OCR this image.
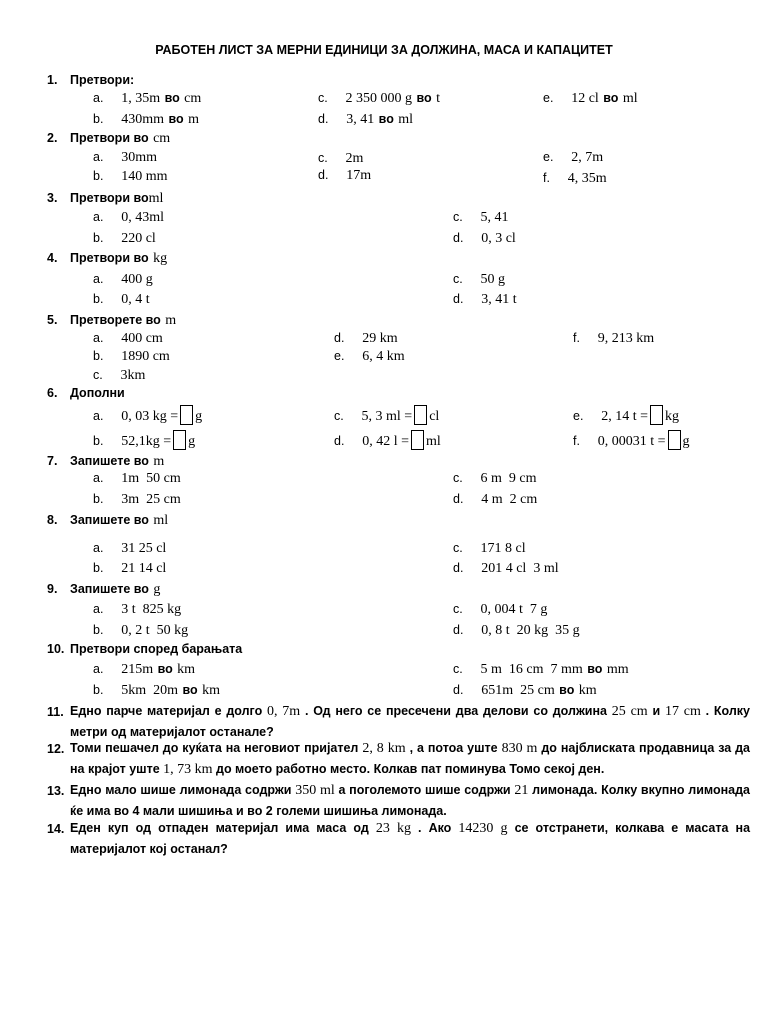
РАБОТЕН ЛИСТ ЗА МЕРНИ ЕДИНИЦИ ЗА ДОЛЖИНА, МАСА И КАПАЦИТЕТ
1. Претвори:
a. 1, 35m во cm
b. 430mm во m
c. 2 350 000 g во t
d. 3, 41 во ml
e. 12 cl во ml
2. Претвори во cm
a. 30mm
b. 140 mm
c. 2m
d. 17m
e. 2, 7m
f. 4, 35m
3. Претвори воml
a. 0, 43ml
b. 220 cl
c. 5, 41
d. 0, 3 cl
4. Претвори во kg
a. 400 g
b. 0, 4 t
c. 50 g
d. 3, 41 t
5. Претворете во m
a. 400 cm
b. 1890 cm
c. 3km
d. 29 km
e. 6, 4 km
f. 9, 213 km
6. Дополни
a. 0, 03 kg = g
b. 52,1kg = g
c. 5, 3 ml = cl
d. 0, 42 l = ml
e. 2, 14 t = kg
f. 0, 00031 t = g
7. Запишете во m
a. 1m  50 cm
b. 3m  25 cm
c. 6 m  9 cm
d. 4 m  2 cm
8. Запишете во ml
a. 31 25 cl
b. 21 14 cl
c. 171 8 cl
d. 201 4 cl  3 ml
9. Запишете во g
a. 3 t  825 kg
b. 0, 2 t  50 kg
c. 0, 004 t  7 g
d. 0, 8 t  20 kg  35 g
10. Претвори според барањата
a. 215m во km
b. 5km  20m во km
c. 5 m  16 cm  7 mm во mm
d. 651m  25 cm во km
11. Едно парче материјал е долго 0, 7m . Од него се пресечени два делови со должина 25 cm и 17 cm . Колку метри од материјалот останале?
12. Томи пешачел до куќата на неговиот пријател 2, 8 km , а потоа уште 830 m до најблиската продавница за да на крајот уште 1, 73 km до моето работно место. Колкав пат поминува Томо секој ден.
13. Едно мало шише лимонада содржи 350 ml а поголемото шише содржи 21 лимонада. Колку вкупно лимонада ќе има во 4 мали шишиња и во 2 големи шишиња лимонада.
14. Еден куп од отпаден материјал има маса од 23 kg . Ако 14230 g се отстранети, колкава е масата на материјалот кој останал?
